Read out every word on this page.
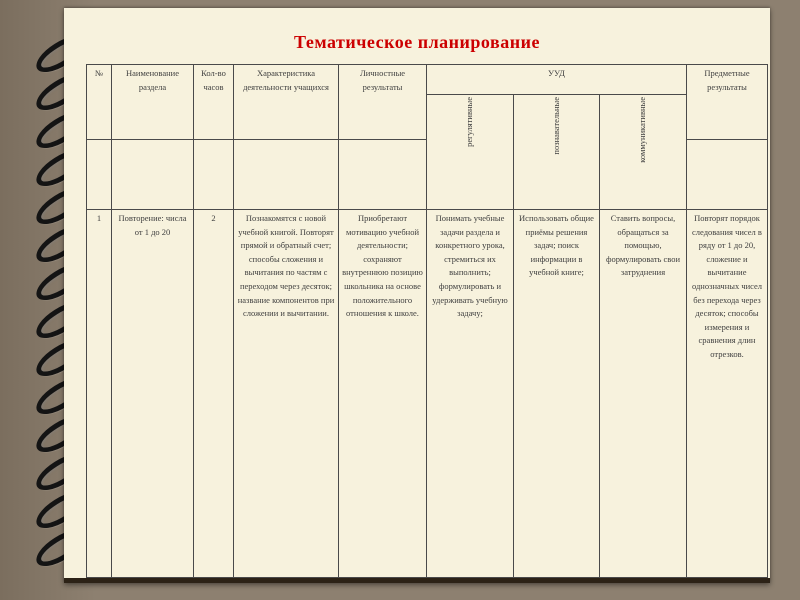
Тематическое планирование
№	Наименование раздела	Кол-во часов	Характеристика деятельности учащихся	Личностные результаты	УУД			Предметные результаты
					регулятивные	познавательные	коммуникативные	

1	Повторение: числа от 1 до 20	2	Познакомятся с новой учебной книгой. Повторят прямой и обратный счет; способы сложения и вычитания по частям с переходом через десяток; название компонентов при сложении и вычитании.	Приобретают мотивацию учебной деятельности; сохраняют внутреннюю позицию школьника на основе положительного отношения к школе.	Понимать учебные задачи раздела и конкретного урока, стремиться их выполнить; формулировать и удерживать учебную задачу;	Использовать общие приёмы решения задач; поиск информации в учебной книге;	Ставить вопросы, обращаться за помощью, формулировать свои затруднения	Повторят порядок следования чисел в ряду от 1 до 20, сложение и вычитание однозначных чисел без перехода через десяток; способы измерения и сравнения длин отрезков.
